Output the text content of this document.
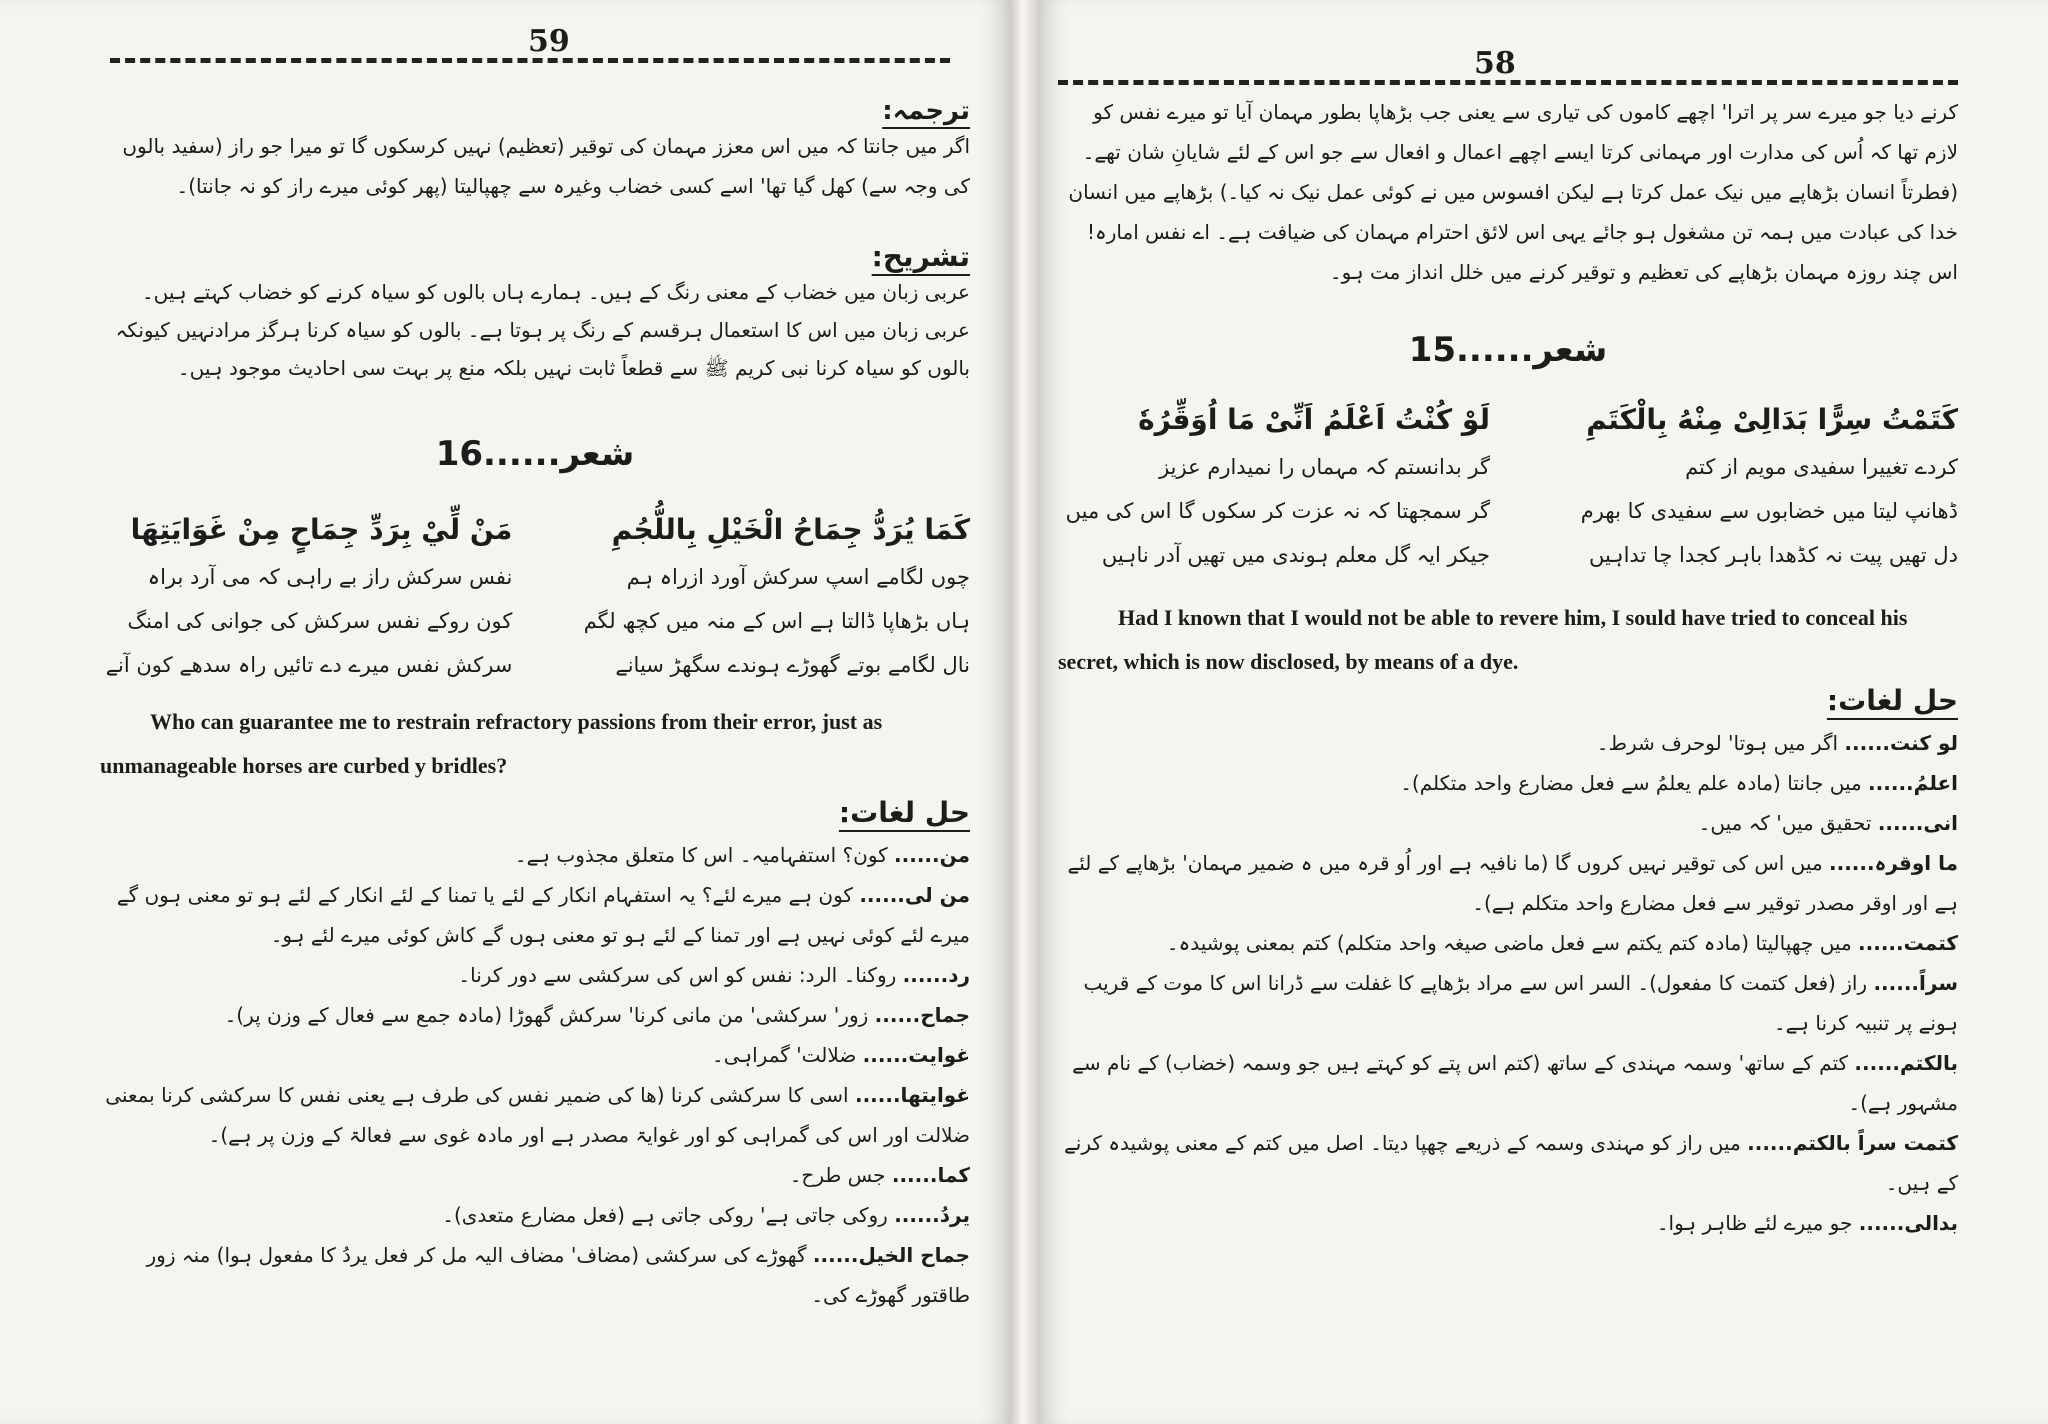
59
ترجمہ:
اگر میں جانتا کہ میں اس معزز مہمان کی توقیر (تعظیم) نہیں کرسکوں گا تو میرا جو راز (سفید بالوں کی وجہ سے) کھل گیا تھا' اسے کسی خضاب وغیرہ سے چھپالیتا (پھر کوئی میرے راز کو نہ جانتا)۔
تشریح:
عربی زبان میں خضاب کے معنی رنگ کے ہیں۔ ہمارے ہاں بالوں کو سیاہ کرنے کو خضاب کہتے ہیں۔ عربی زبان میں اس کا استعمال ہرقسم کے رنگ پر ہوتا ہے۔ بالوں کو سیاہ کرنا ہرگز مرادنہیں کیونکہ بالوں کو سیاہ کرنا نبی کریم ﷺ سے قطعاً ثابت نہیں بلکہ منع پر بہت سی احادیث موجود ہیں۔
شعر......16
مَنْ لِّيْ بِرَدِّ جِمَاحٍ مِنْ غَوَايَتِهَا
نفس سرکش راز بے راہی کہ می آرد براہ
کون روکے نفس سرکش کی جوانی کی امنگ
سرکش نفس میرے دے تائیں راہ سدھے کون آنے
كَمَا يُرَدُّ جِمَاحُ الْخَيْلِ بِاللُّجُمِ
چوں لگامے اسپ سرکش آورد ازراہ ہم
ہاں بڑھاپا ڈالتا ہے اس کے منہ میں کچھ لگم
نال لگامے بوتے گھوڑے ہوندے سگھڑ سیانے
Who can guarantee me to restrain refractory passions from their error, just as unmanageable horses are curbed y bridles?
حل لغات:

من...... کون؟ استفہامیہ۔ اس کا متعلق مجذوب ہے۔

من لی...... کون ہے میرے لئے؟ یہ استفہام انکار کے لئے یا تمنا کے لئے انکار کے لئے ہو تو معنی ہوں گے میرے لئے کوئی نہیں ہے اور تمنا کے لئے ہو تو معنی ہوں گے کاش کوئی میرے لئے ہو۔

رد...... روکنا۔ الرد: نفس کو اس کی سرکشی سے دور کرنا۔

جماح...... زور' سرکشی' من مانی کرنا' سرکش گھوڑا (مادہ جمع سے فعال کے وزن پر)۔

غوایت...... ضلالت' گمراہی۔

غوایتھا...... اسی کا سرکشی کرنا (ھا کی ضمیر نفس کی طرف ہے یعنی نفس کا سرکشی کرنا بمعنی ضلالت اور اس کی گمراہی کو اور غوایۃ مصدر ہے اور مادہ غوی سے فعالۃ کے وزن پر ہے)۔

کما...... جس طرح۔

یردُ...... روکی جاتی ہے' روکی جاتی ہے (فعل مضارع متعدی)۔

جماح الخیل...... گھوڑے کی سرکشی (مضاف' مضاف الیہ مل کر فعل یردُ کا مفعول ہوا) منہ زور طاقتور گھوڑے کی۔

58
کرنے دیا جو میرے سر پر اترا' اچھے کاموں کی تیاری سے یعنی جب بڑھاپا بطور مہمان آیا تو میرے نفس کو لازم تھا کہ اُس کی مدارت اور مہمانی کرتا ایسے اچھے اعمال و افعال سے جو اس کے لئے شایانِ شان تھے۔ (فطرتاً انسان بڑھاپے میں نیک عمل کرتا ہے لیکن افسوس میں نے کوئی عمل نیک نہ کیا۔) بڑھاپے میں انسان خدا کی عبادت میں ہمہ تن مشغول ہو جائے یہی اس لائق احترام مہمان کی ضیافت ہے۔ اے نفس امارہ! اس چند روزہ مہمان بڑھاپے کی تعظیم و توقیر کرنے میں خلل انداز مت ہو۔
شعر......15
لَوْ كُنْتُ اَعْلَمُ اَنِّىْ مَا اُوَقِّرُهٗ
گر بدانستم کہ مہماں را نمیدارم عزیز
گر سمجھتا کہ نہ عزت کر سکوں گا اس کی میں
جیکر ایہ گل معلم ہوندی میں تھیں آدر ناہیں
كَتَمْتُ سِرًّا بَدَالِىْ مِنْهُ بِالْكَتَمِ
کردے تغییرا سفیدی مویم از کتم
ڈھانپ لیتا میں خضابوں سے سفیدی کا بھرم
دل تھیں پیت نہ کڈھدا باہر کجدا چا تداہیں
Had I known that I would not be able to revere him, I sould have tried to conceal his secret, which is now disclosed, by means of a dye.
حل لغات:

لو کنت...... اگر میں ہوتا' لوحرف شرط۔

اعلمُ...... میں جانتا (مادہ علم یعلمُ سے فعل مضارع واحد متکلم)۔

انی...... تحقیق میں' کہ میں۔

ما اوقرہ...... میں اس کی توقیر نہیں کروں گا (ما نافیہ ہے اور اُو قرہ میں ہ ضمیر مہمان' بڑھاپے کے لئے ہے اور اوقر مصدر توقیر سے فعل مضارع واحد متکلم ہے)۔

کتمت...... میں چھپالیتا (مادہ کتم یکتم سے فعل ماضی صیغہ واحد متکلم) کتم بمعنی پوشیدہ۔

سراً...... راز (فعل کتمت کا مفعول)۔ السر اس سے مراد بڑھاپے کا غفلت سے ڈرانا اس کا موت کے قریب ہونے پر تنبیہ کرنا ہے۔

بالکتم...... کتم کے ساتھ' وسمہ مہندی کے ساتھ (کتم اس پتے کو کہتے ہیں جو وسمہ (خضاب) کے نام سے مشہور ہے)۔

کتمت سراً بالکتم...... میں راز کو مہندی وسمہ کے ذریعے چھپا دیتا۔ اصل میں کتم کے معنی پوشیدہ کرنے کے ہیں۔

بدالی...... جو میرے لئے ظاہر ہوا۔
